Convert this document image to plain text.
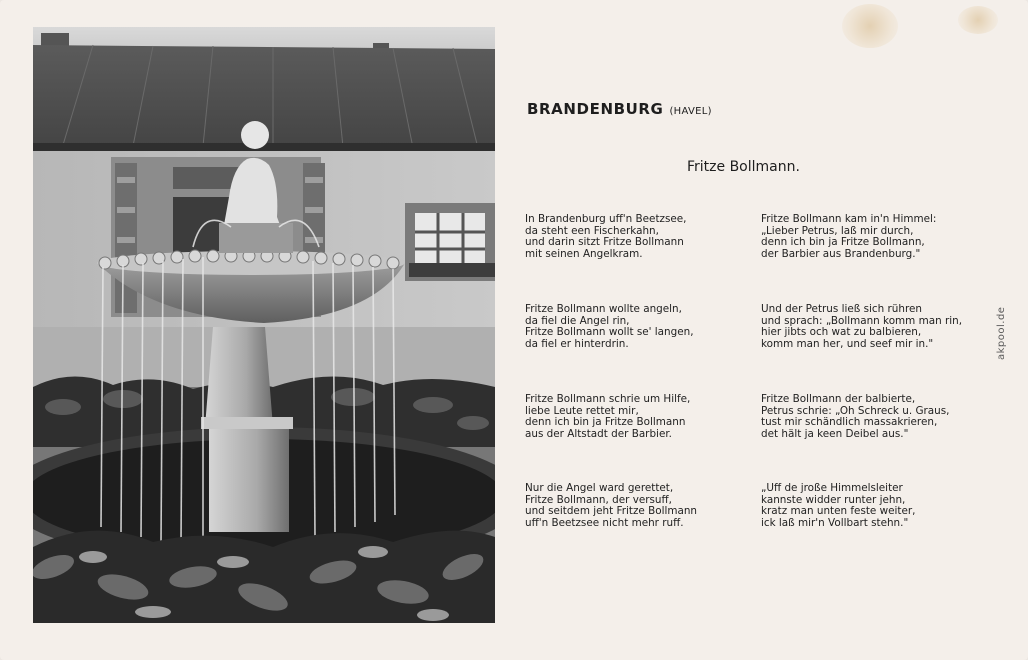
BRANDENBURG (HAVEL)
Fritze Bollmann.
In Brandenburg uff'n Beetzsee,
da steht een Fischerkahn,
und darin sitzt Fritze Bollmann
mit seinen Angelkram.
Fritze Bollmann wollte angeln,
da fiel die Angel rin,
Fritze Bollmann wollt se' langen,
da fiel er hinterdrin.
Fritze Bollmann schrie um Hilfe,
liebe Leute rettet mir,
denn ich bin ja Fritze Bollmann
aus der Altstadt der Barbier.
Nur die Angel ward gerettet,
Fritze Bollmann, der versuff,
und seitdem jeht Fritze Bollmann
uff'n Beetzsee nicht mehr ruff.
Fritze Bollmann kam in'n Himmel:
„Lieber Petrus, laß mir durch,
denn ich bin ja Fritze Bollmann,
der Barbier aus Brandenburg."
Und der Petrus ließ sich rühren
und sprach: „Bollmann komm man rin,
hier jibts och wat zu balbieren,
komm man her, und seef mir in."
Fritze Bollmann der balbierte,
Petrus schrie: „Oh Schreck u. Graus,
tust mir schändlich massakrieren,
det hält ja keen Deibel aus."
„Uff de jroße Himmelsleiter
kannste widder runter jehn,
kratz man unten feste weiter,
ick laß mir'n Vollbart stehn."
akpool.de
